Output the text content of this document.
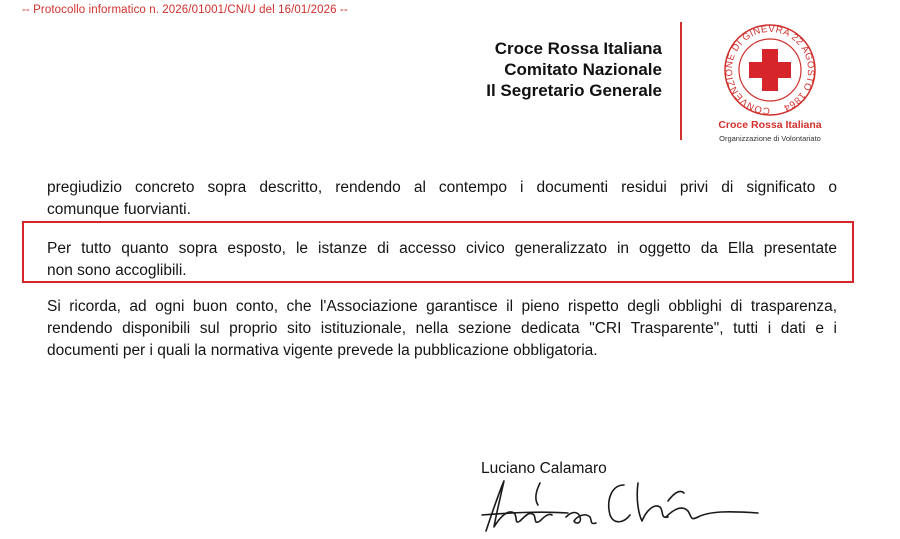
-- Protocollo informatico n. 2026/01001/CN/U del 16/01/2026 --
Croce Rossa Italiana
Comitato Nazionale
Il Segretario Generale
CONVENZIONE DI GINEVRA 22 AGOSTO 1864
Croce Rossa Italiana
Organizzazione di Volontariato
pregiudizio concreto sopra descritto, rendendo al contempo i documenti residui privi di significato o
comunque fuorvianti.
Per tutto quanto sopra esposto, le istanze di accesso civico generalizzato in oggetto da Ella presentate
non sono accoglibili.
Si ricorda, ad ogni buon conto, che l'Associazione garantisce il pieno rispetto degli obblighi di trasparenza,
rendendo disponibili sul proprio sito istituzionale, nella sezione dedicata "CRI Trasparente", tutti i dati e i
documenti per i quali la normativa vigente prevede la pubblicazione obbligatoria.
Luciano Calamaro
